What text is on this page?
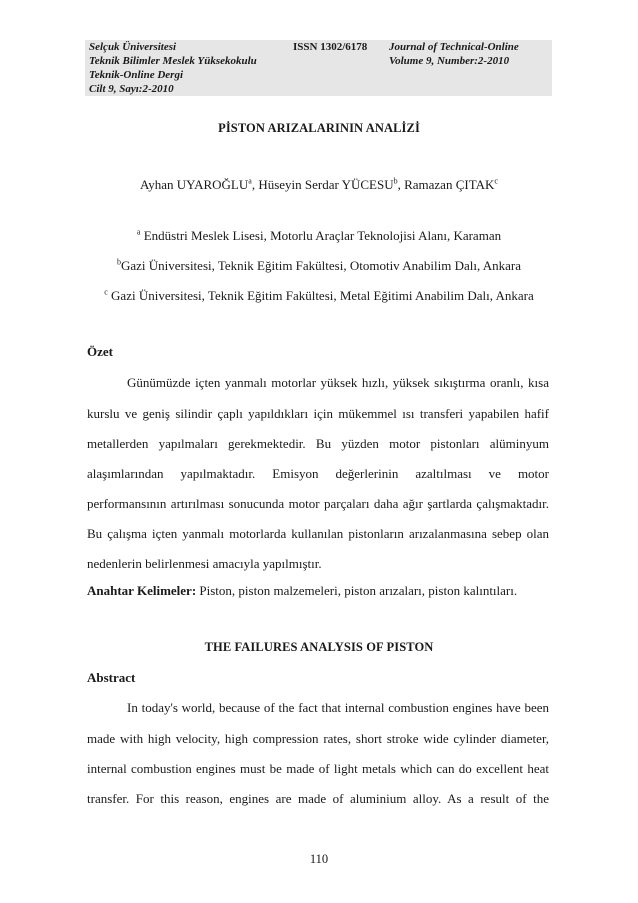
Selçuk Üniversitesi
Teknik Bilimler Meslek Yüksekokulu
Teknik-Online Dergi
Cilt 9, Sayı:2-2010
	ISSN 1302/6178	Journal of Technical-Online
Volume 9, Number:2-2010
PİSTON ARIZALARININ ANALİZİ
Ayhan UYAROĞLU$^a$, Hüseyin Serdar YÜCESU$^b$, Ramazan ÇITAK$^c$
$^a$ Endüstri Meslek Lisesi, Motorlu Araçlar Teknolojisi Alanı, Karaman
$^b$Gazi Üniversitesi, Teknik Eğitim Fakültesi, Otomotiv Anabilim Dalı, Ankara
$^c$ Gazi Üniversitesi, Teknik Eğitim Fakültesi, Metal Eğitimi Anabilim Dalı, Ankara
Özet
Günümüzde içten yanmalı motorlar yüksek hızlı, yüksek sıkıştırma oranlı, kısa
kurslu ve geniş silindir çaplı yapıldıkları için mükemmel ısı transferi yapabilen hafif
metallerden yapılmaları gerekmektedir. Bu yüzden motor pistonları alüminyum
alaşımlarından yapılmaktadır. Emisyon değerlerinin azaltılması ve motor
performansının artırılması sonucunda motor parçaları daha ağır şartlarda çalışmaktadır.
Bu çalışma içten yanmalı motorlarda kullanılan pistonların arızalanmasına sebep olan
nedenlerin belirlenmesi amacıyla yapılmıştır.
Anahtar Kelimeler: Piston, piston malzemeleri, piston arızaları, piston kalıntıları.
THE FAILURES ANALYSIS OF PISTON
Abstract
In today's world, because of the fact that internal combustion engines have been
made with high velocity, high compression rates, short stroke wide cylinder diameter,
internal combustion engines must be made of light metals which can do excellent heat
transfer. For this reason, engines are made of aluminium alloy. As a result of the
110
